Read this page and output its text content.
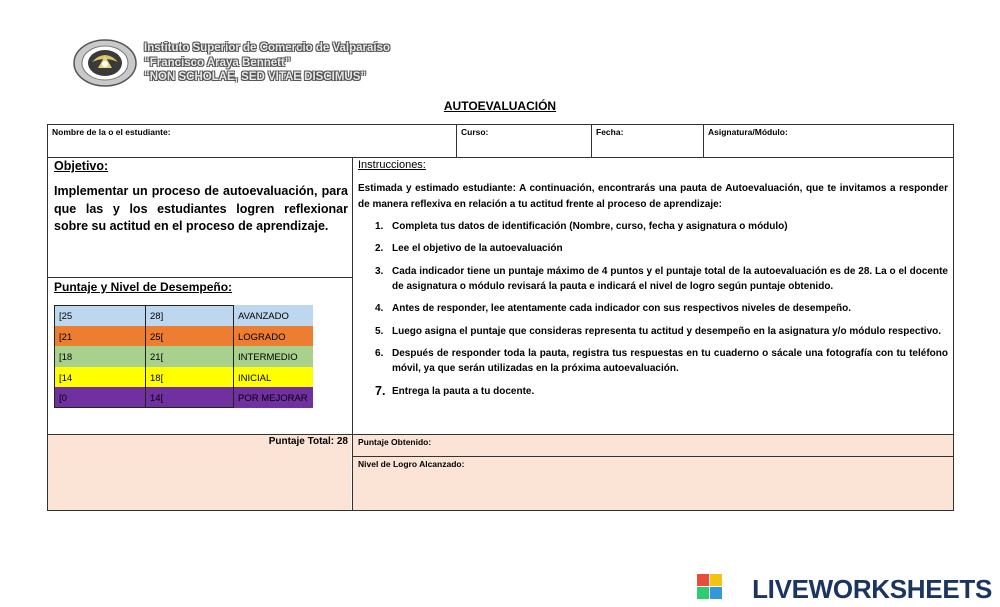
Instituto Superior de Comercio de Valparaíso
“Francisco Araya Bennett”
“NON SCHOLAE, SED VITAE DISCIMUS”
AUTOEVALUACIÓN
Nombre de la o el estudiante:	Curso:	Fecha:	Asignatura/Módulo:
Objetivo:
Implementar un proceso de autoevaluación, para que las y los estudiantes logren reflexionar sobre su actitud en el proceso de aprendizaje.
Puntaje y Nivel de Desempeño:
[25	28]	AVANZADO
[21	25[	LOGRADO
[18	21[	INTERMEDIO
[14	18[	INICIAL
[0	14[	POR MEJORAR
Instrucciones:
Estimada y estimado estudiante: A continuación, encontrarás una pauta de Autoevaluación, que te invitamos a responder de manera reflexiva en relación a tu actitud frente al proceso de aprendizaje:
1. Completa tus datos de identificación (Nombre, curso, fecha y asignatura o módulo)
2. Lee el objetivo de la autoevaluación
3. Cada indicador tiene un puntaje máximo de 4 puntos y el puntaje total de la autoevaluación es de 28. La o el docente de asignatura o módulo revisará la pauta e indicará el nivel de logro según puntaje obtenido.
4. Antes de responder, lee atentamente cada indicador con sus respectivos niveles de desempeño.
5. Luego asigna el puntaje que consideras representa tu actitud y desempeño en la asignatura y/o módulo respectivo.
6. Después de responder toda la pauta, registra tus respuestas en tu cuaderno o sácale una fotografía con tu teléfono móvil, ya que serán utilizadas en la próxima autoevaluación.
7. Entrega la pauta a tu docente.
Puntaje Total: 28 Puntaje Obtenido:
Nivel de Logro Alcanzado:
LIVEWORKSHEETS
